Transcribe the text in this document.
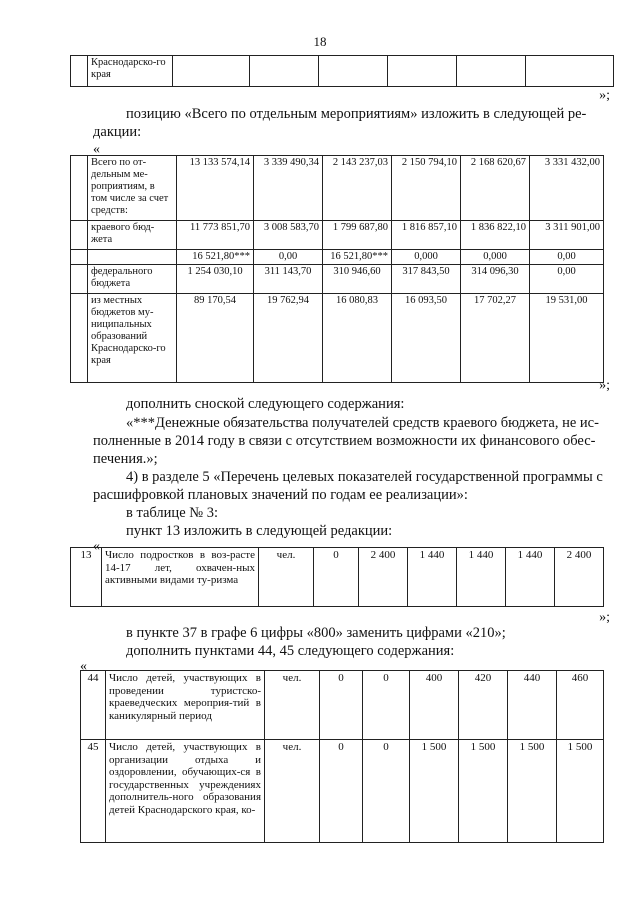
18
	Краснодарско-го края						
»;
позицию «Всего по отдельным мероприятиям» изложить в следующей ре-
дакции:
«
	Всего по от-дельным ме-роприятиям, в том числе за счет средств:	13 133 574,14	3 339 490,34	2 143 237,03	2 150 794,10	2 168 620,67	3 331 432,00
	краевого бюд-жета	11 773 851,70	3 008 583,70	1 799 687,80	1 816 857,10	1 836 822,10	3 311 901,00
		16 521,80***	0,00	16 521,80***	0,000	0,000	0,00
	федерального бюджета	1 254 030,10	311 143,70	310 946,60	317 843,50	314 096,30	0,00
	из местных бюджетов му-ниципальных образований Краснодарско-го края	89 170,54	19 762,94	16 080,83	16 093,50	17 702,27	19 531,00
»;
дополнить сноской следующего содержания:
«***Денежные обязательства получателей средств краевого бюджета, не ис-
полненные в 2014 году в связи с отсутствием возможности их финансового обес-
печения.»;
4) в разделе 5 «Перечень целевых показателей государственной программы с
расшифровкой плановых значений по годам ее реализации»:
в таблице № 3:
пункт 13 изложить в следующей редакции:
«
13	Число подростков в воз-расте 14-17 лет, охвачен-ных активными видами ту-ризма	чел.	0	2 400	1 440	1 440	1 440	2 400
»;
в пункте 37 в графе 6 цифры «800» заменить цифрами «210»;
дополнить пунктами 44, 45 следующего содержания:
«
44	Число детей, участвующих в проведении туристско-краеведческих мероприя-тий в каникулярный период	чел.	0	0	400	420	440	460
45	Число детей, участвующих в организации отдыха и оздоровлении, обучающих-ся в государственных учреждениях дополнитель-ного образования детей Краснодарского края, ко-	чел.	0	0	1 500	1 500	1 500	1 500
